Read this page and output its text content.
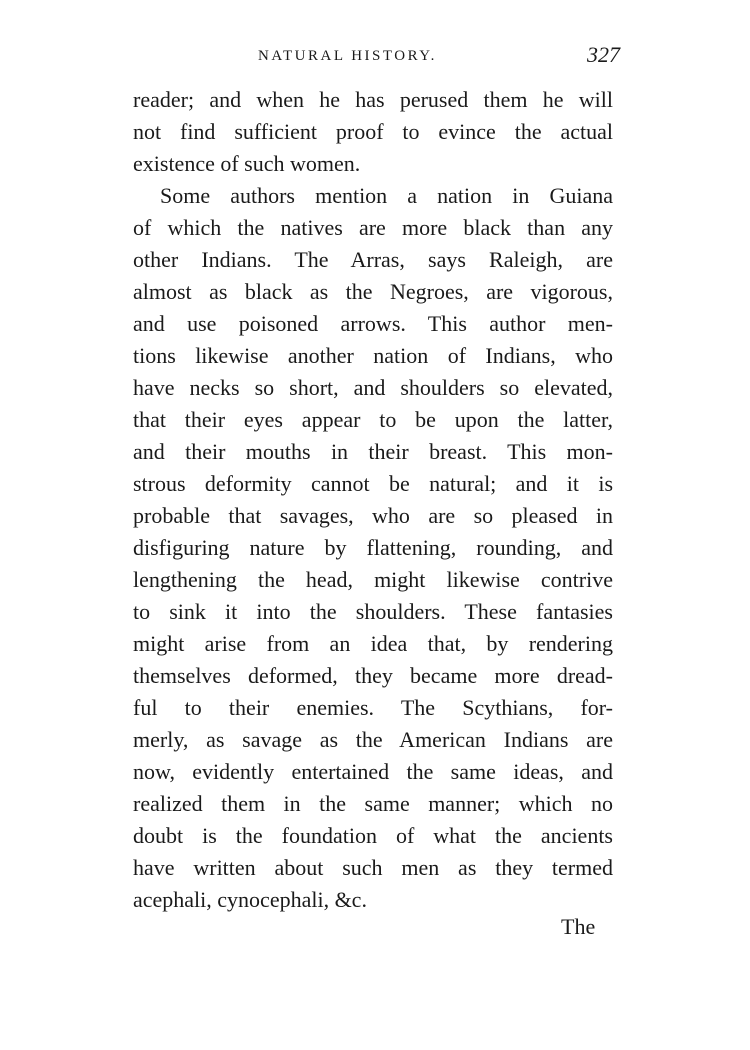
NATURAL HISTORY.	327
reader; and when he has perused them he will
not find sufficient proof to evince the actual
existence of such women.
Some authors mention a nation in Guiana
of which the natives are more black than any
other Indians. The Arras, says Raleigh, are
almost as black as the Negroes, are vigorous,
and use poisoned arrows. This author men-
tions likewise another nation of Indians, who
have necks so short, and shoulders so elevated,
that their eyes appear to be upon the latter,
and their mouths in their breast. This mon-
strous deformity cannot be natural; and it is
probable that savages, who are so pleased in
disfiguring nature by flattening, rounding, and
lengthening the head, might likewise contrive
to sink it into the shoulders. These fantasies
might arise from an idea that, by rendering
themselves deformed, they became more dread-
ful to their enemies. The Scythians, for-
merly, as savage as the American Indians are
now, evidently entertained the same ideas, and
realized them in the same manner; which no
doubt is the foundation of what the ancients
have written about such men as they termed
acephali, cynocephali, &c.
The
